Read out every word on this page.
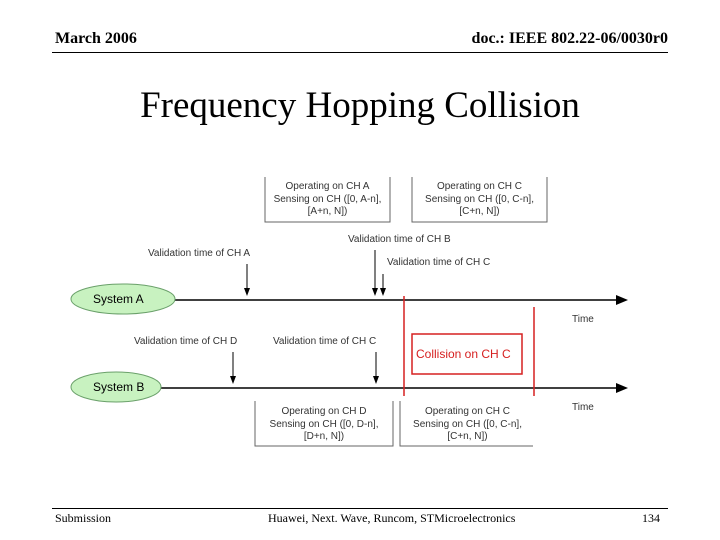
March 2006	doc.: IEEE 802.22-06/0030r0
Frequency Hopping Collision
Operating on CH A
Sensing on CH ([0, A-n],
[A+n, N])
Operating on CH C
Sensing on CH ([0, C-n],
[C+n, N])
Operating on CH D
Sensing on CH ([0, D-n],
[D+n, N])
Operating on CH C
Sensing on CH ([0, C-n],
[C+n, N])
Validation time of CH B
Validation time of CH A
Validation time of CH C
Time
Validation time of CH D	Validation time of CH C
Time
System A
System B
Collision on CH C
Submission	Huawei, Next. Wave, Runcom, STMicroelectronics	134
